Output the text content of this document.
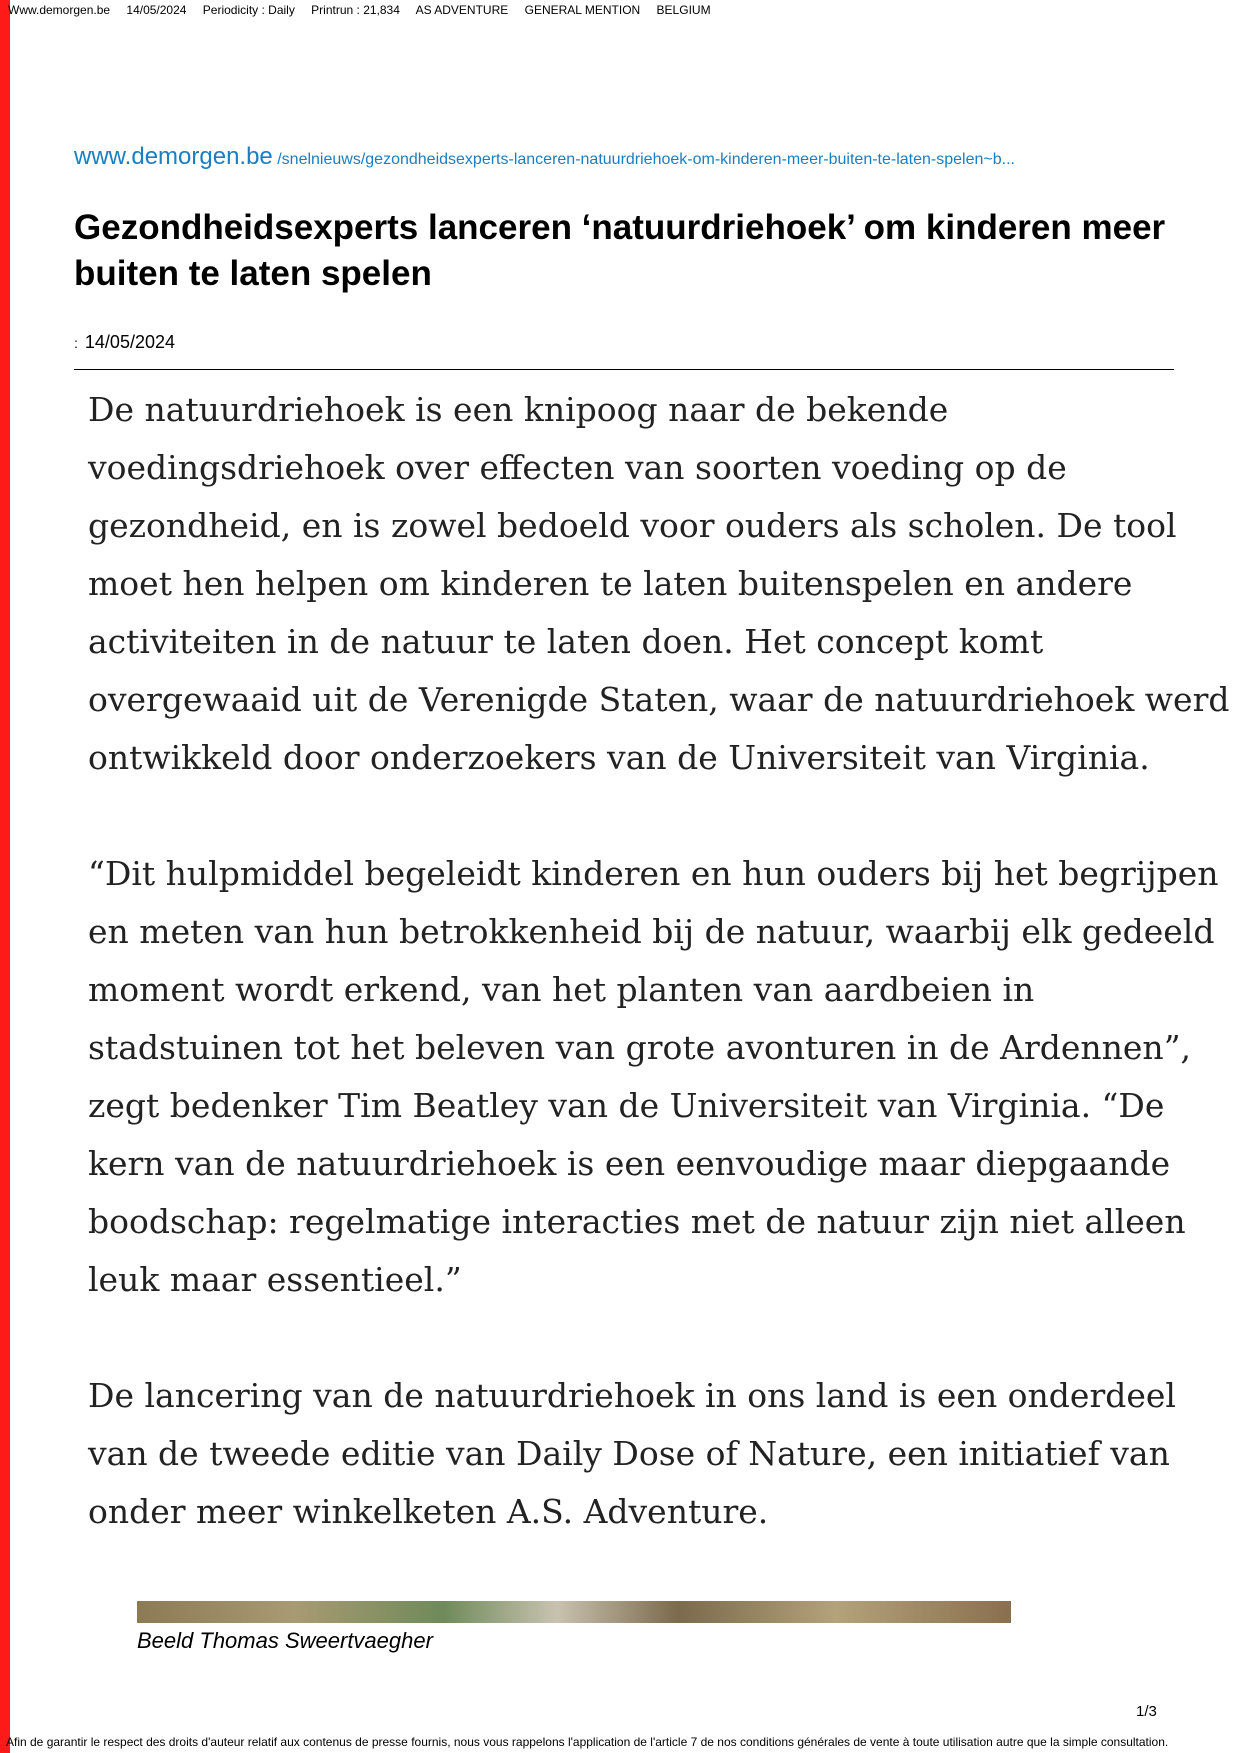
Www.demorgen.be 14/05/2024 Periodicity : Daily Printrun : 21,834 AS ADVENTURE GENERAL MENTION BELGIUM
www.demorgen.be /snelnieuws/gezondheidsexperts-lanceren-natuurdriehoek-om-kinderen-meer-buiten-te-laten-spelen~b...
Gezondheidsexperts lanceren ‘natuurdriehoek’ om kinderen meer buiten te laten spelen
: 14/05/2024

De natuurdriehoek is een knipoog naar de bekende voedingsdriehoek over effecten van soorten voeding op de gezondheid, en is zowel bedoeld voor ouders als scholen. De tool moet hen helpen om kinderen te laten buitenspelen en andere activiteiten in de natuur te laten doen. Het concept komt overgewaaid uit de Verenigde Staten, waar de natuurdriehoek werd ontwikkeld door onderzoekers van de Universiteit van Virginia.

“Dit hulpmiddel begeleidt kinderen en hun ouders bij het begrijpen en meten van hun betrokkenheid bij de natuur, waarbij elk gedeeld moment wordt erkend, van het planten van aardbeien in stadstuinen tot het beleven van grote avonturen in de Ardennen”, zegt bedenker Tim Beatley van de Universiteit van Virginia. “De kern van de natuurdriehoek is een eenvoudige maar diepgaande boodschap: regelmatige interacties met de natuur zijn niet alleen leuk maar essentieel.”

De lancering van de natuurdriehoek in ons land is een onderdeel van de tweede editie van Daily Dose of Nature, een initiatief van onder meer winkelketen A.S. Adventure.

Beeld Thomas Sweertvaegher
1/3
Afin de garantir le respect des droits d'auteur relatif aux contenus de presse fournis, nous vous rappelons l'application de l'article 7 de nos conditions générales de vente à toute utilisation autre que la simple consultation.
